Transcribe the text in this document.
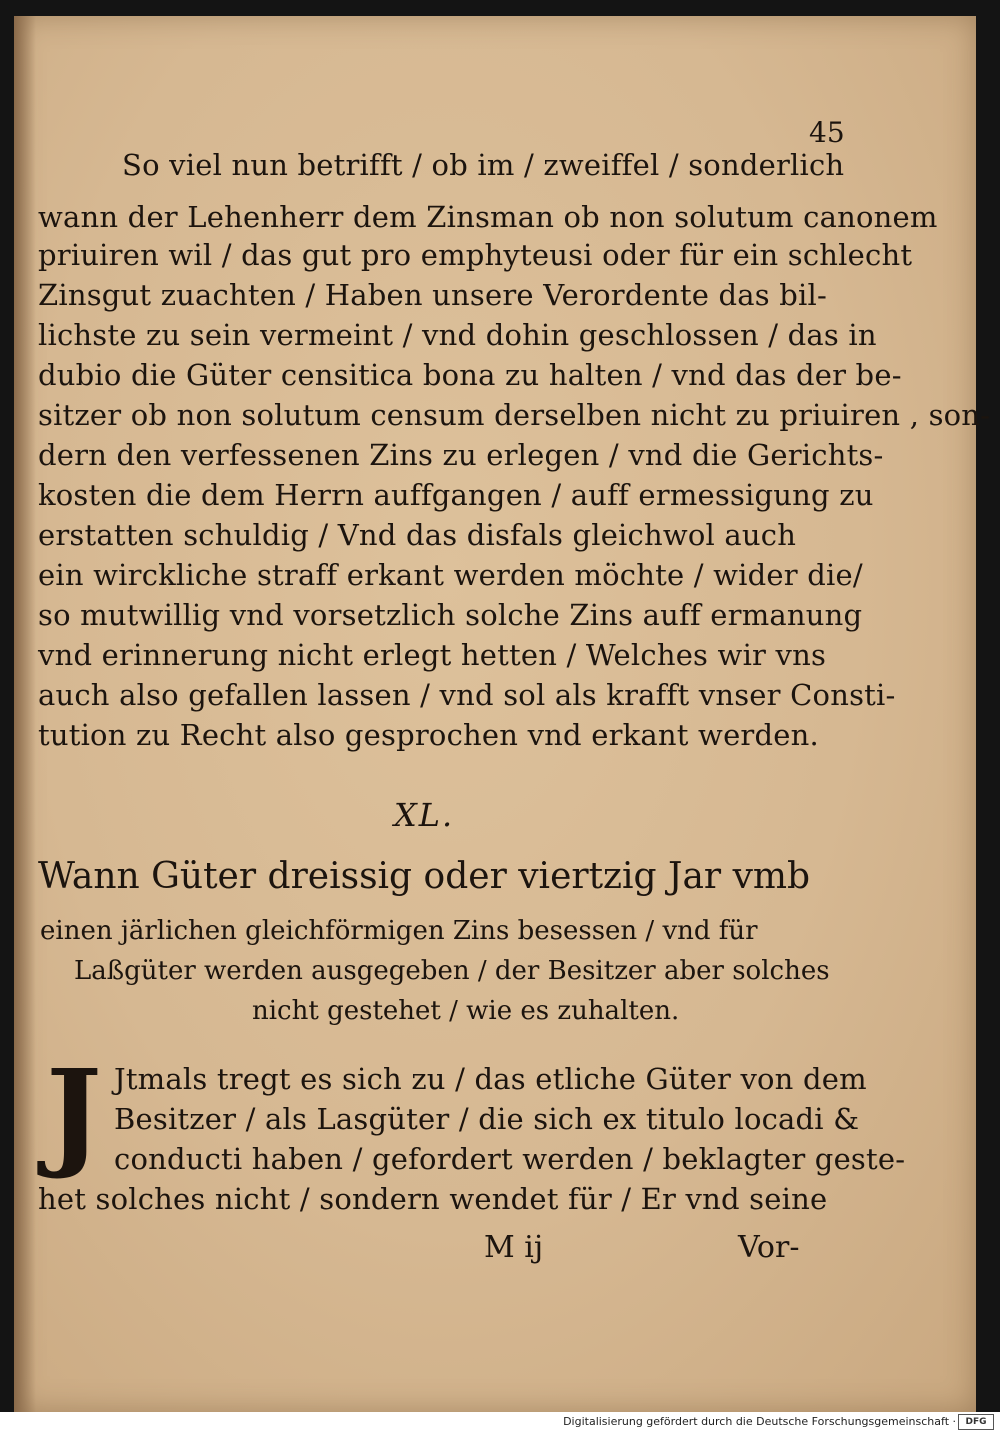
45
So viel nun betrifft / ob im / zweiffel / sonderlich
wann der Lehenherr dem Zinsman ob non solutum canonem
priuiren wil / das gut pro emphyteusi oder für ein schlecht
Zinsgut zuachten / Haben unsere Verordente das bil-
lichste zu sein vermeint / vnd dohin geschlossen / das in
dubio die Güter censitica bona zu halten / vnd das der be-
sitzer ob non solutum censum derselben nicht zu priuiren , son-
dern den verfessenen Zins zu erlegen / vnd die Gerichts-
kosten die dem Herrn auffgangen / auff ermessigung zu
erstatten schuldig / Vnd das disfals gleichwol auch
ein wirckliche straff erkant werden möchte / wider die/
so mutwillig vnd vorsetzlich solche Zins auff ermanung
vnd erinnerung nicht erlegt hetten / Welches wir vns
auch also gefallen lassen / vnd sol als krafft vnser Consti-
tution zu Recht also gesprochen vnd erkant werden.
XL.
Wann Güter dreissig oder viertzig Jar vmb
einen järlichen gleichförmigen Zins besessen / vnd für
Laßgüter werden ausgegeben / der Besitzer aber solches
nicht gestehet / wie es zuhalten.
J Jtmals tregt es sich zu / das etliche Güter von dem
Besitzer / als Lasgüter / die sich ex titulo locadi &
conducti haben / gefordert werden / beklagter geste-
het solches nicht / sondern wendet für / Er vnd seine
M ij	Vor-
Digitalisierung gefördert durch die Deutsche Forschungsgemeinschaft ·	DFG
